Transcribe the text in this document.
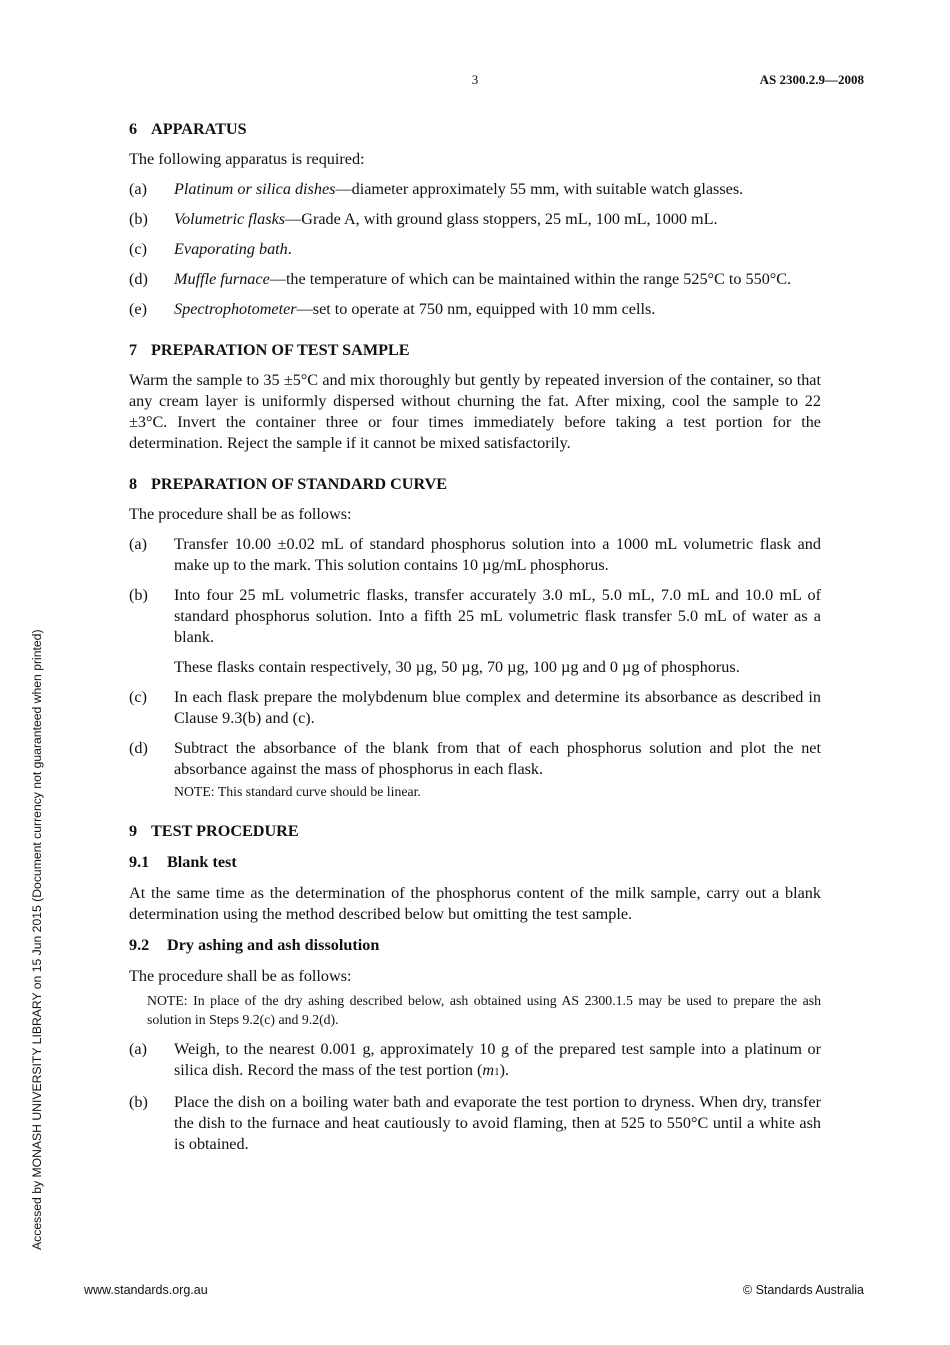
3	AS 2300.2.9—2008
6 APPARATUS

The following apparatus is required:

(a)	Platinum or silica dishes—diameter approximately 55 mm, with suitable watch glasses.
(b)	Volumetric flasks—Grade A, with ground glass stoppers, 25 mL, 100 mL, 1000 mL.
(c)	Evaporating bath.
(d)	Muffle furnace—the temperature of which can be maintained within the range 525°C to 550°C.
(e)	Spectrophotometer—set to operate at 750 nm, equipped with 10 mm cells.
7 PREPARATION OF TEST SAMPLE

Warm the sample to 35 ±5°C and mix thoroughly but gently by repeated inversion of the container, so that any cream layer is uniformly dispersed without churning the fat. After mixing, cool the sample to 22 ±3°C. Invert the container three or four times immediately before taking a test portion for the determination. Reject the sample if it cannot be mixed satisfactorily.

8 PREPARATION OF STANDARD CURVE

The procedure shall be as follows:

(a)	Transfer 10.00 ±0.02 mL of standard phosphorus solution into a 1000 mL volumetric flask and make up to the mark. This solution contains 10 µg/mL phosphorus.
(b)	Into four 25 mL volumetric flasks, transfer accurately 3.0 mL, 5.0 mL, 7.0 mL and 10.0 mL of standard phosphorus solution. Into a fifth 25 mL volumetric flask transfer 5.0 mL of water as a blank.

These flasks contain respectively, 30 µg, 50 µg, 70 µg, 100 µg and 0 µg of phosphorus.

(c)	In each flask prepare the molybdenum blue complex and determine its absorbance as described in Clause 9.3(b) and (c).
(d)	Subtract the absorbance of the blank from that of each phosphorus solution and plot the net absorbance against the mass of phosphorus in each flask.

NOTE: This standard curve should be linear.

9 TEST PROCEDURE
9.1 Blank test

At the same time as the determination of the phosphorus content of the milk sample, carry out a blank determination using the method described below but omitting the test sample.

9.2 Dry ashing and ash dissolution

The procedure shall be as follows:

NOTE: In place of the dry ashing described below, ash obtained using AS 2300.1.5 may be used to prepare the ash solution in Steps 9.2(c) and 9.2(d).

(a)	Weigh, to the nearest 0.001 g, approximately 10 g of the prepared test sample into a platinum or silica dish. Record the mass of the test portion (m1).
(b)	Place the dish on a boiling water bath and evaporate the test portion to dryness. When dry, transfer the dish to the furnace and heat cautiously to avoid flaming, then at 525 to 550°C until a white ash is obtained.
Accessed by MONASH UNIVERSITY LIBRARY on 15 Jun 2015 (Document currency not guaranteed when printed)
www.standards.org.au	© Standards Australia
